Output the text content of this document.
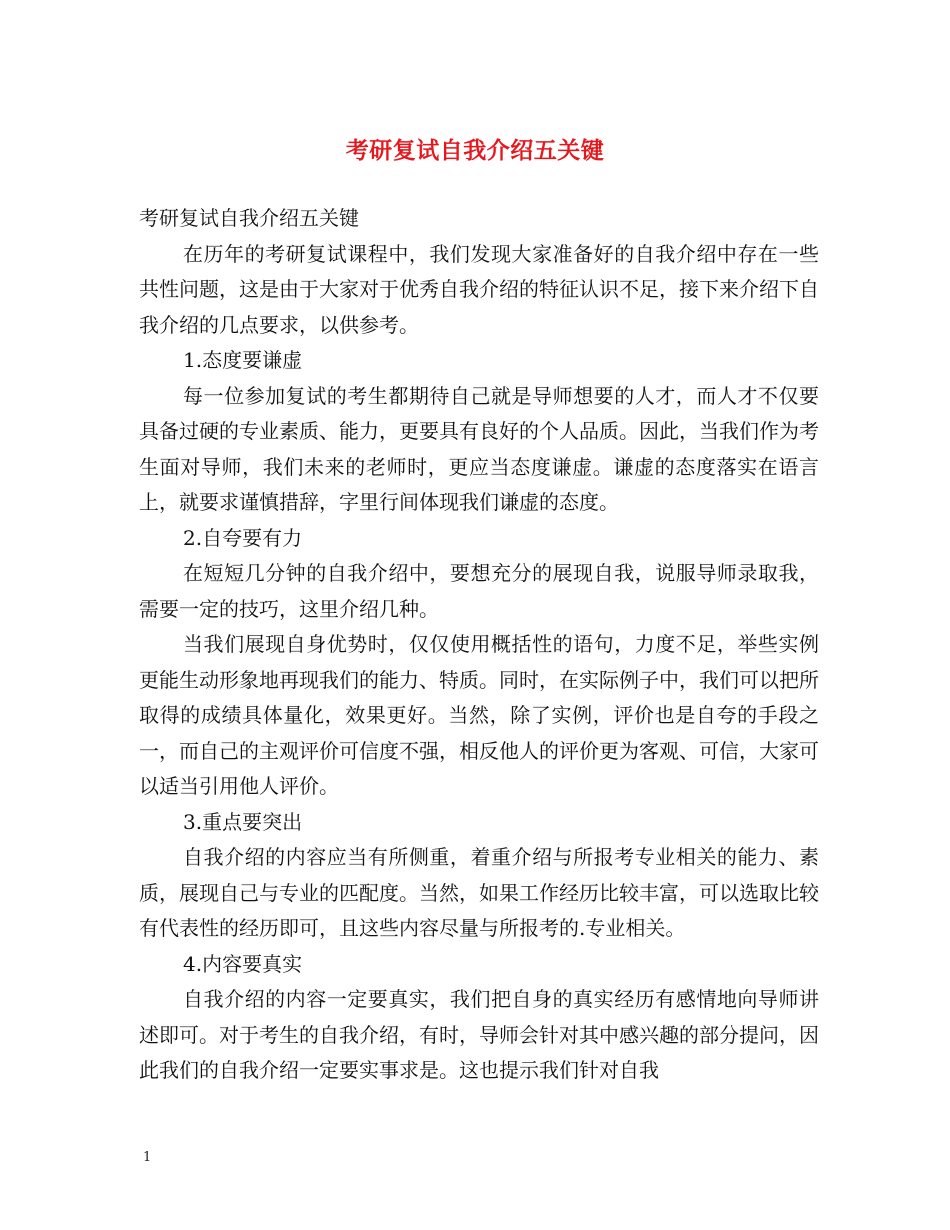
考研复试自我介绍五关键

考研复试自我介绍五关键

在历年的考研复试课程中，我们发现大家准备好的自我介绍中存在一些共性问题，这是由于大家对于优秀自我介绍的特征认识不足，接下来介绍下自我介绍的几点要求，以供参考。

1.态度要谦虚

每一位参加复试的考生都期待自己就是导师想要的人才，而人才不仅要具备过硬的专业素质、能力，更要具有良好的个人品质。因此，当我们作为考生面对导师，我们未来的老师时，更应当态度谦虚。谦虚的态度落实在语言上，就要求谨慎措辞，字里行间体现我们谦虚的态度。

2.自夸要有力

在短短几分钟的自我介绍中，要想充分的展现自我，说服导师录取我，需要一定的技巧，这里介绍几种。

当我们展现自身优势时，仅仅使用概括性的语句，力度不足，举些实例更能生动形象地再现我们的能力、特质。同时，在实际例子中，我们可以把所取得的成绩具体量化，效果更好。当然，除了实例，评价也是自夸的手段之一，而自己的主观评价可信度不强，相反他人的评价更为客观、可信，大家可以适当引用他人评价。

3.重点要突出

自我介绍的内容应当有所侧重，着重介绍与所报考专业相关的能力、素质，展现自己与专业的匹配度。当然，如果工作经历比较丰富，可以选取比较有代表性的经历即可，且这些内容尽量与所报考的.专业相关。

4.内容要真实

自我介绍的内容一定要真实，我们把自身的真实经历有感情地向导师讲述即可。对于考生的自我介绍，有时，导师会针对其中感兴趣的部分提问，因此我们的自我介绍一定要实事求是。这也提示我们针对自我

1
